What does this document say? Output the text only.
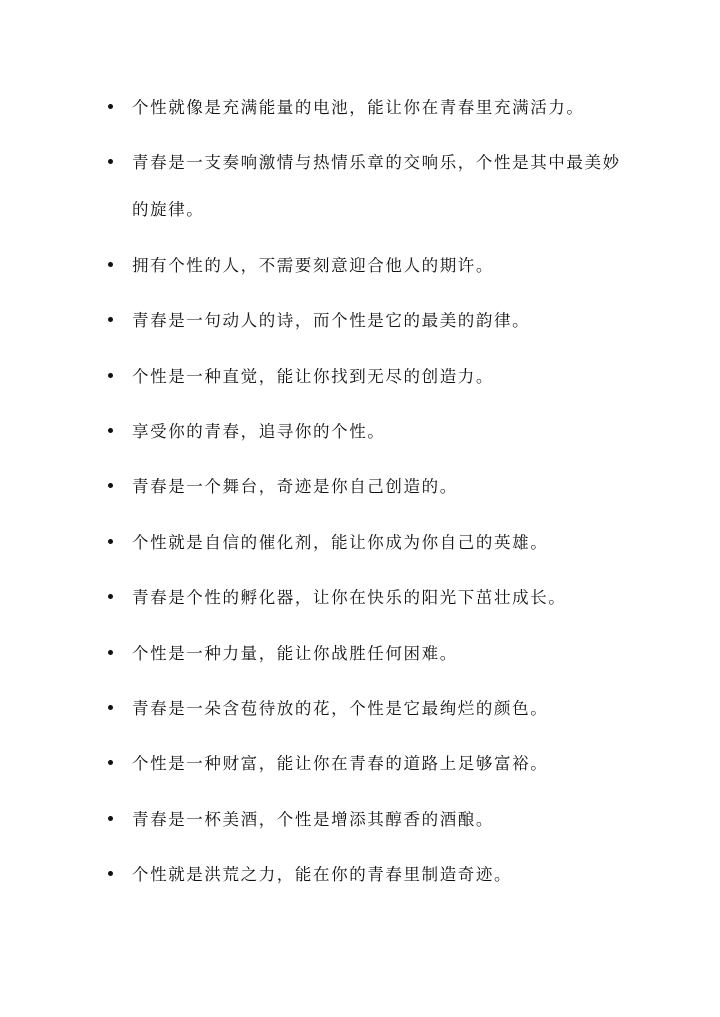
个性就像是充满能量的电池，能让你在青春里充满活力。
青春是一支奏响激情与热情乐章的交响乐，个性是其中最美妙的旋律。
拥有个性的人，不需要刻意迎合他人的期许。
青春是一句动人的诗，而个性是它的最美的韵律。
个性是一种直觉，能让你找到无尽的创造力。
享受你的青春，追寻你的个性。
青春是一个舞台，奇迹是你自己创造的。
个性就是自信的催化剂，能让你成为你自己的英雄。
青春是个性的孵化器，让你在快乐的阳光下茁壮成长。
个性是一种力量，能让你战胜任何困难。
青春是一朵含苞待放的花，个性是它最绚烂的颜色。
个性是一种财富，能让你在青春的道路上足够富裕。
青春是一杯美酒，个性是增添其醇香的酒酿。
个性就是洪荒之力，能在你的青春里制造奇迹。
